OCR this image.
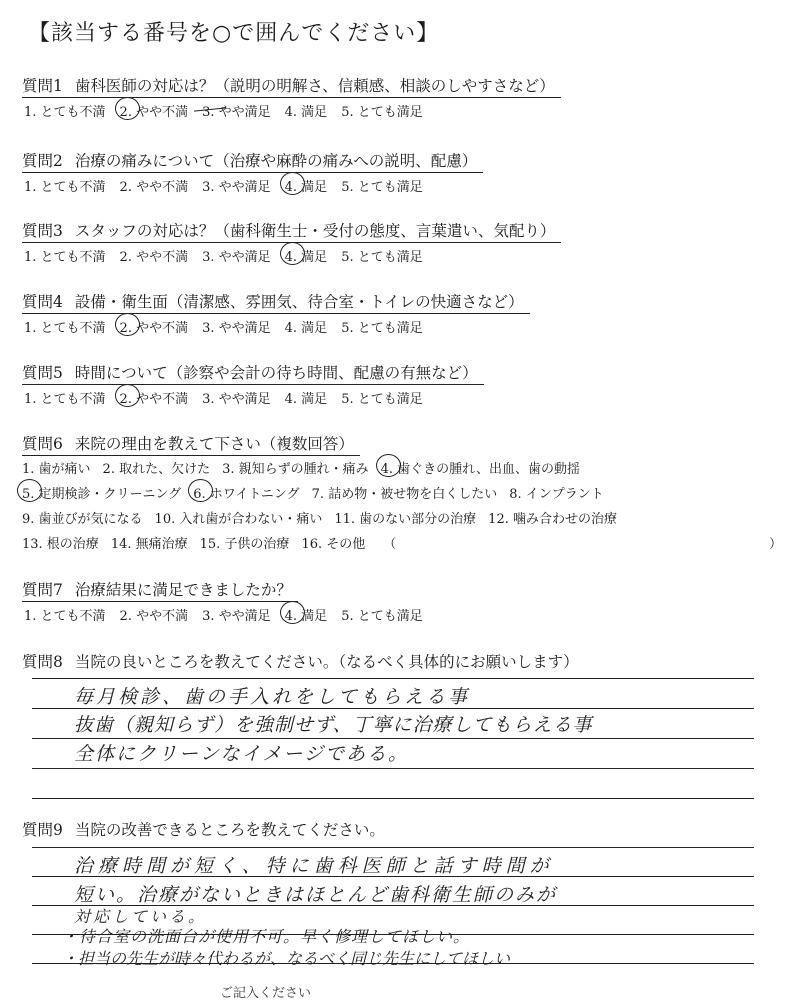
【該当する番号を○で囲んでください】
質問1 歯科医師の対応は？（説明の明解さ、信頼感、相談のしやすさなど）
1. とても不満 2. やや不満 3. やや満足 4. 満足 5. とても満足
質問2 治療の痛みについて（治療や麻酔の痛みへの説明、配慮）
1. とても不満 2. やや不満 3. やや満足 4. 満足 5. とても満足
質問3 スタッフの対応は？（歯科衛生士・受付の態度、言葉遣い、気配り）
1. とても不満 2. やや不満 3. やや満足 4. 満足 5. とても満足
質問4 設備・衛生面（清潔感、雰囲気、待合室・トイレの快適さなど）
1. とても不満 2. やや不満 3. やや満足 4. 満足 5. とても満足
質問5 時間について（診察や会計の待ち時間、配慮の有無など）
1. とても不満 2. やや不満 3. やや満足 4. 満足 5. とても満足
質問6 来院の理由を教えて下さい（複数回答）
1. 歯が痛い 2. 取れた、欠けた 3. 親知らずの腫れ・痛み 4. 歯ぐきの腫れ、出血、歯の動揺
5. 定期検診・クリーニング 6. ホワイトニング 7. 詰め物・被せ物を白くしたい 8. インプラント
9. 歯並びが気になる 10. 入れ歯が合わない・痛い 11. 歯のない部分の治療 12. 噛み合わせの治療
13. 根の治療 14. 無痛治療 15. 子供の治療 16. その他 （	）
質問7 治療結果に満足できましたか？
1. とても不満 2. やや不満 3. やや満足 4. 満足 5. とても満足
質問8 当院の良いところを教えてください。（なるべく具体的にお願いします）
毎月検診、歯の手入れをしてもらえる事
抜歯（親知らず）を強制せず、丁寧に治療してもらえる事
全体にクリーンなイメージである。
質問9 当院の改善できるところを教えてください。
治療時間が短く、特に歯科医師と話す時間が
短い。治療がないときはほとんど歯科衛生師のみが
対応している。
・待合室の洗面台が使用不可。早く修理してほしい。
・担当の先生が時々代わるが、なるべく同じ先生にしてほしい
ご記入ください
